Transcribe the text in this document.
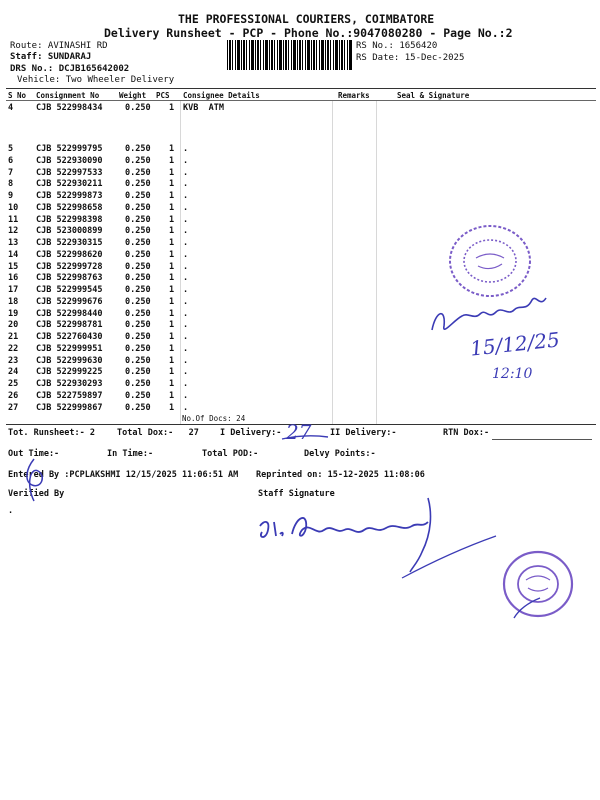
THE PROFESSIONAL COURIERS, COIMBATORE
Delivery Runsheet - PCP - Phone No.:9047080280 - Page No.:2
Route: AVINASHI RD
Staff: SUNDARAJ
DRS No.: DCJB165642002
Vehicle: Two Wheeler Delivery
RS No.: 1656420
RS Date: 15-Dec-2025
S No Consignment No	Weight PCS Consignee Details	Remarks	Seal & Signature
4	CJB 522998434	0.250 1 KVB  ATM
5	CJB 522999795	0.250 1 .
6	CJB 522930090	0.250 1 .
7	CJB 522997533	0.250 1 .
8	CJB 522930211	0.250 1 .
9	CJB 522999873	0.250 1 .
10 CJB 522998658	0.250 1 .
11 CJB 522998398	0.250 1 .
12 CJB 523000899	0.250 1 .
13 CJB 522930315	0.250 1 .
14 CJB 522998620	0.250 1 .
15 CJB 522999728	0.250 1 .
16 CJB 522998763	0.250 1 .
17 CJB 522999545	0.250 1 .
18 CJB 522999676	0.250 1 .
19 CJB 522998440	0.250 1 .
20 CJB 522998781	0.250 1 .
21 CJB 522760430	0.250 1 .
22 CJB 522999951	0.250 1 .
23 CJB 522999630	0.250 1 .
24 CJB 522999225	0.250 1 .
25 CJB 522930293	0.250 1 .
26 CJB 522759897	0.250 1 .
27 CJB 522999867	0.250 1 .
No.Of Docs: 24
Tot. Runsheet:- 2	Total Dox:-   27 I Delivery:-	II Delivery:-	RTN Dox:-
Out Time:-	In Time:-	Total POD:-	Delvy Points:-
Entered By :PCPLAKSHMI 12/15/2025 11:06:51 AM Reprinted on: 15-12-2025 11:08:06
Verified By	Staff Signature
.
27
15/12/25
12:10
